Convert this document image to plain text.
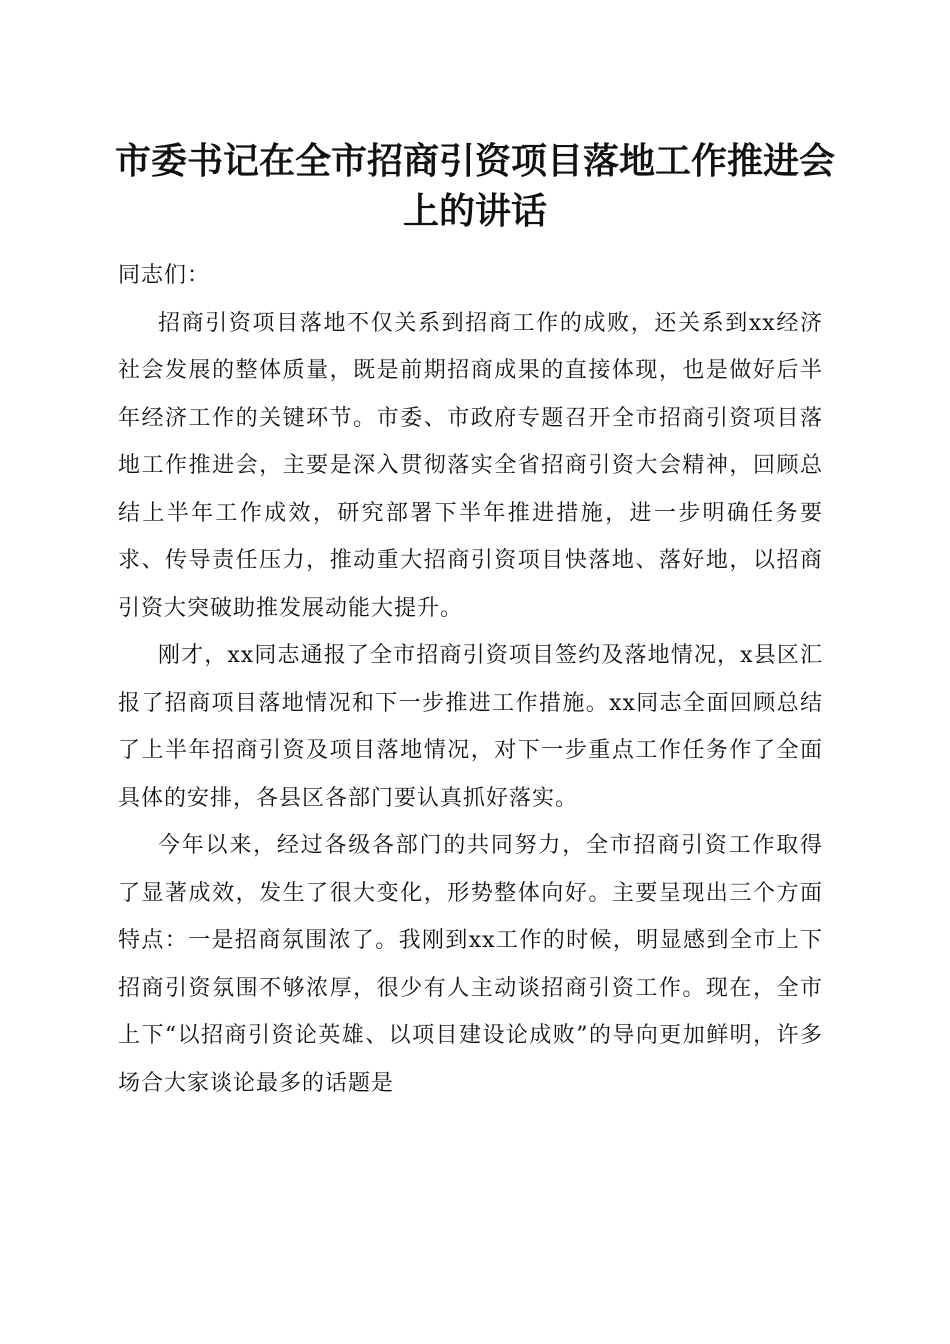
市委书记在全市招商引资项目落地工作推进会
上的讲话

同志们：

招商引资项目落地不仅关系到招商工作的成败，还关系到xx经济社会发展的整体质量，既是前期招商成果的直接体现，也是做好后半年经济工作的关键环节。市委、市政府专题召开全市招商引资项目落地工作推进会，主要是深入贯彻落实全省招商引资大会精神，回顾总结上半年工作成效，研究部署下半年推进措施，进一步明确任务要求、传导责任压力，推动重大招商引资项目快落地、落好地，以招商引资大突破助推发展动能大提升。

刚才，xx同志通报了全市招商引资项目签约及落地情况，x县区汇报了招商项目落地情况和下一步推进工作措施。xx同志全面回顾总结了上半年招商引资及项目落地情况，对下一步重点工作任务作了全面具体的安排，各县区各部门要认真抓好落实。

今年以来，经过各级各部门的共同努力，全市招商引资工作取得了显著成效，发生了很大变化，形势整体向好。主要呈现出三个方面特点：一是招商氛围浓了。我刚到xx工作的时候，明显感到全市上下招商引资氛围不够浓厚，很少有人主动谈招商引资工作。现在，全市上下“以招商引资论英雄、以项目建设论成败”的导向更加鲜明，许多场合大家谈论最多的话题是
